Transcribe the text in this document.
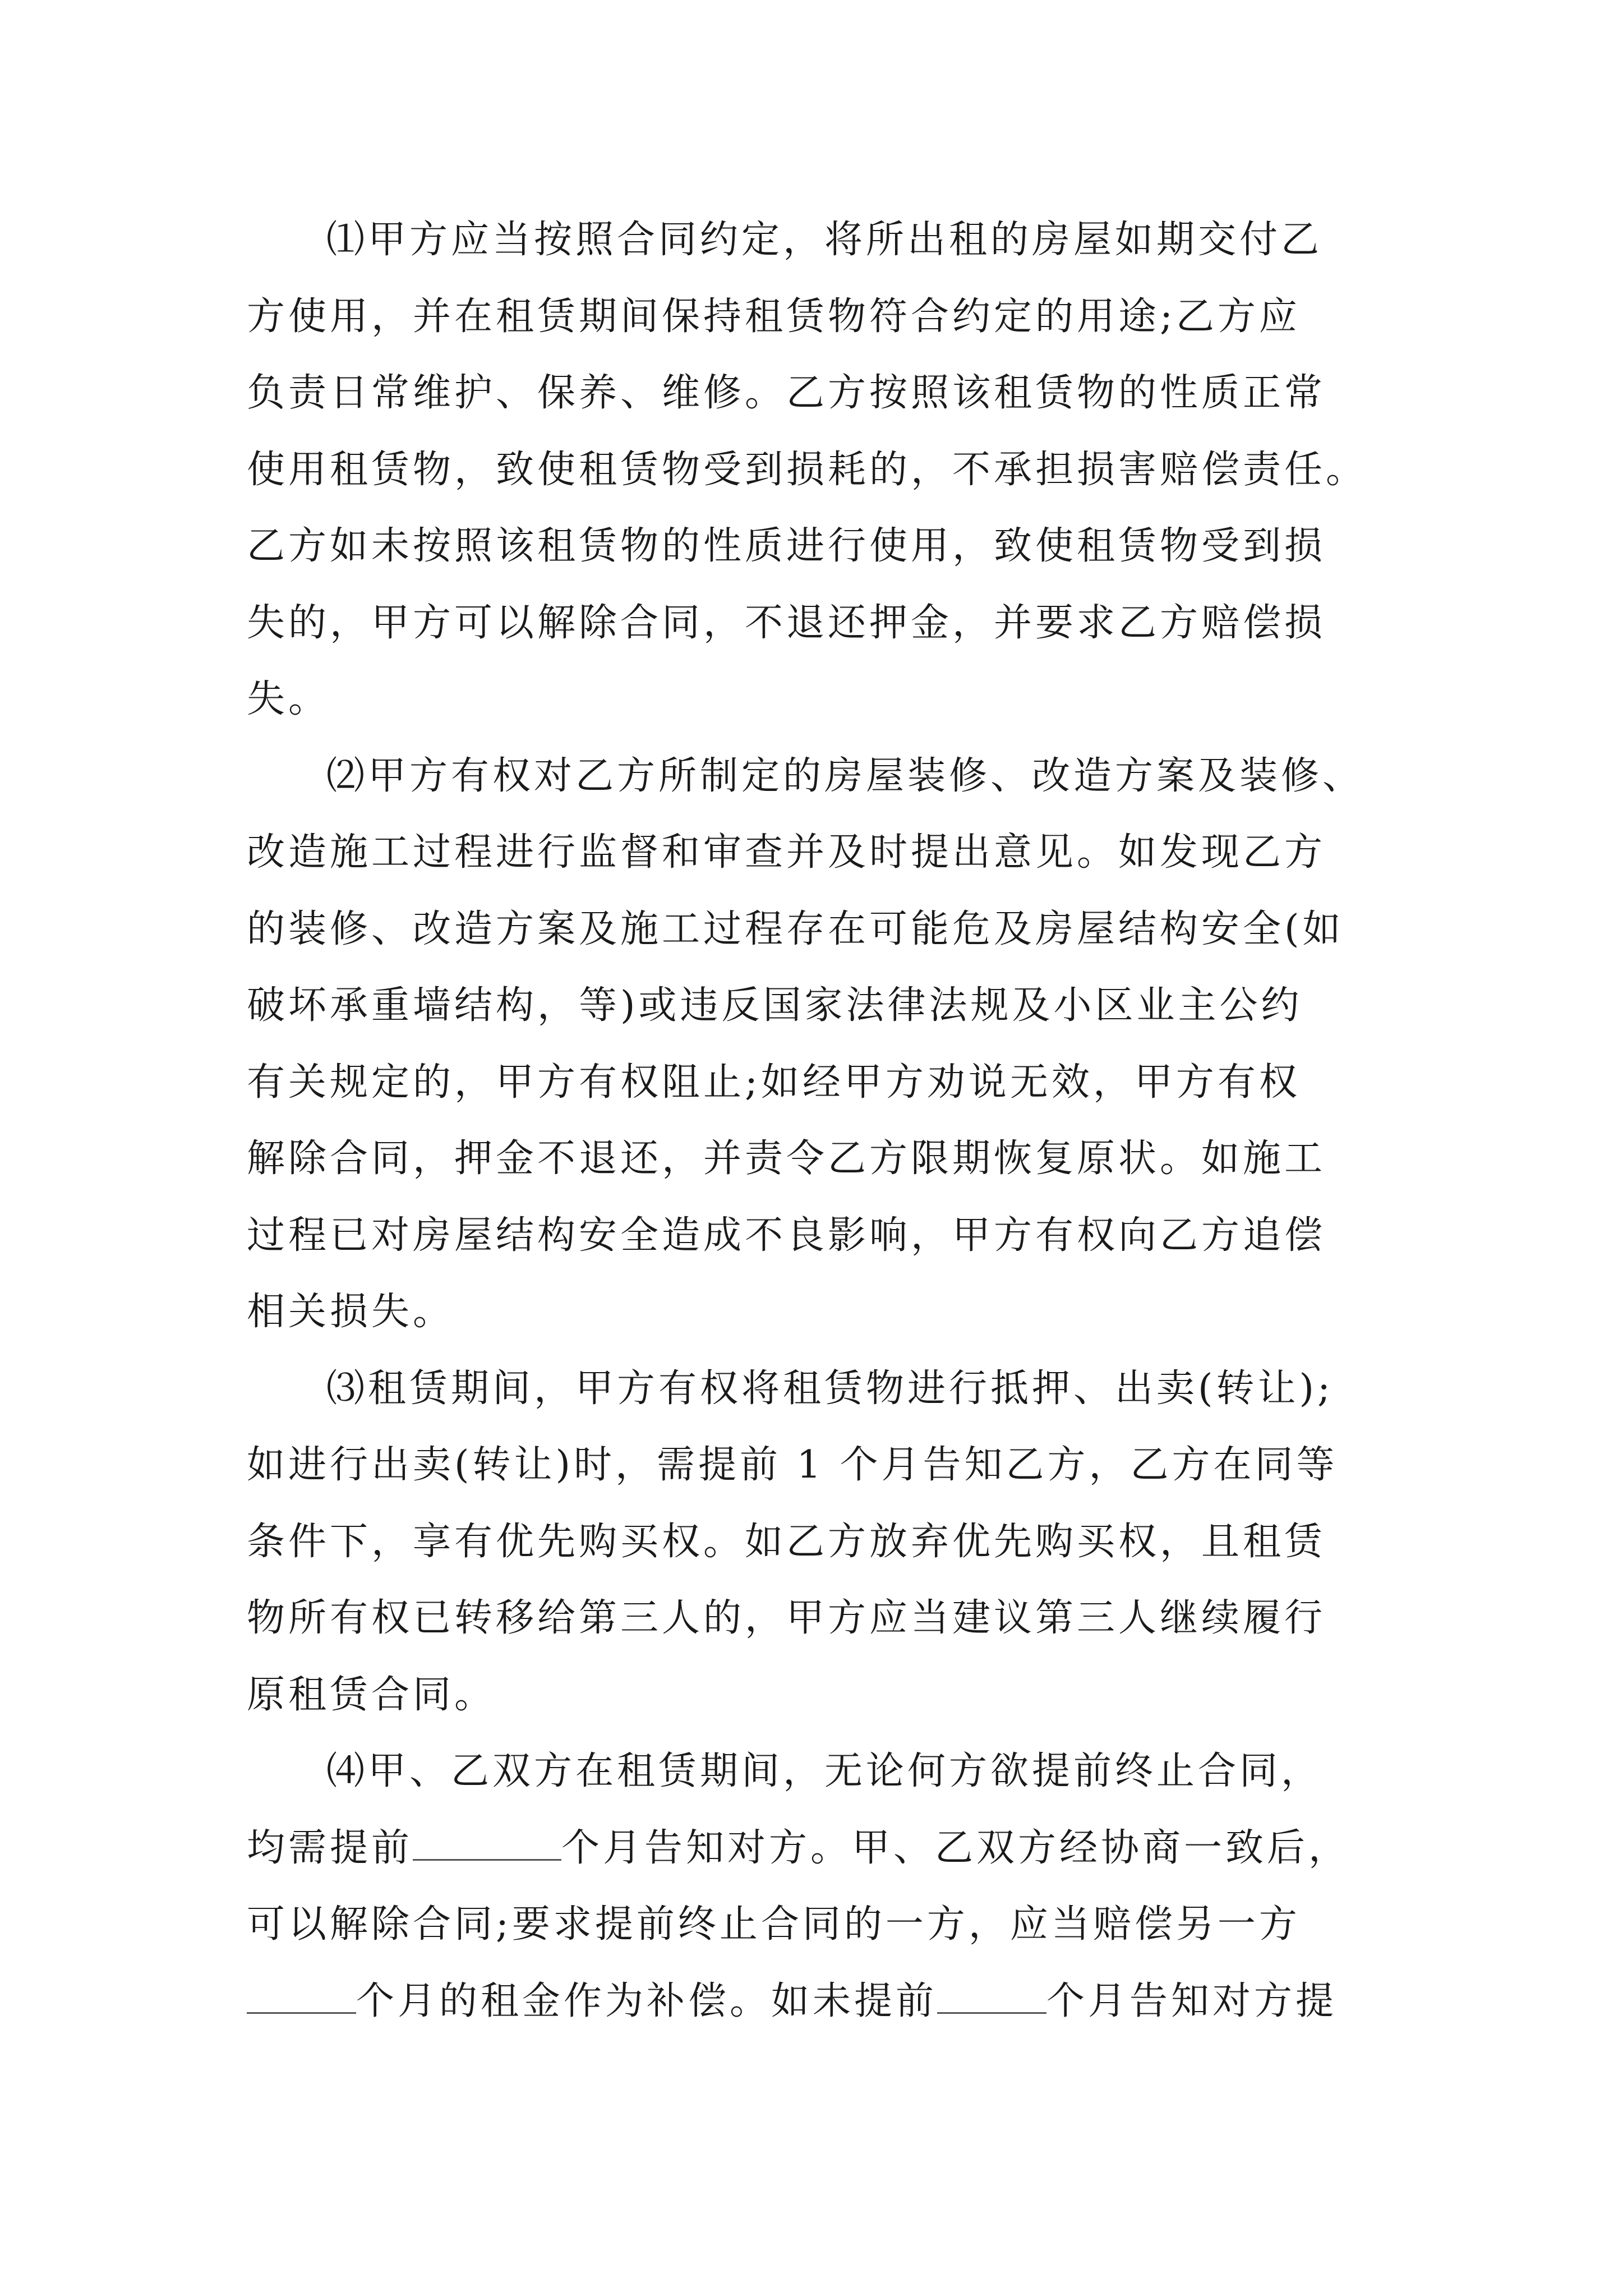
⑴甲方应当按照合同约定，将所出租的房屋如期交付乙
方使用，并在租赁期间保持租赁物符合约定的用途;乙方应
负责日常维护、保养、维修。乙方按照该租赁物的性质正常
使用租赁物，致使租赁物受到损耗的，不承担损害赔偿责任。
乙方如未按照该租赁物的性质进行使用，致使租赁物受到损
失的，甲方可以解除合同，不退还押金，并要求乙方赔偿损
失。

⑵甲方有权对乙方所制定的房屋装修、改造方案及装修、
改造施工过程进行监督和审查并及时提出意见。如发现乙方
的装修、改造方案及施工过程存在可能危及房屋结构安全(如
破坏承重墙结构，等)或违反国家法律法规及小区业主公约
有关规定的，甲方有权阻止;如经甲方劝说无效，甲方有权
解除合同，押金不退还，并责令乙方限期恢复原状。如施工
过程已对房屋结构安全造成不良影响，甲方有权向乙方追偿
相关损失。

⑶租赁期间，甲方有权将租赁物进行抵押、出卖(转让);
如进行出卖(转让)时，需提前 1 个月告知乙方，乙方在同等
条件下，享有优先购买权。如乙方放弃优先购买权，且租赁
物所有权已转移给第三人的，甲方应当建议第三人继续履行
原租赁合同。

⑷甲、乙双方在租赁期间，无论何方欲提前终止合同，
均需提前	个月告知对方。甲、乙双方经协商一致后，
可以解除合同;要求提前终止合同的一方，应当赔偿另一方
个月的租金作为补偿。如未提前	个月告知对方提
